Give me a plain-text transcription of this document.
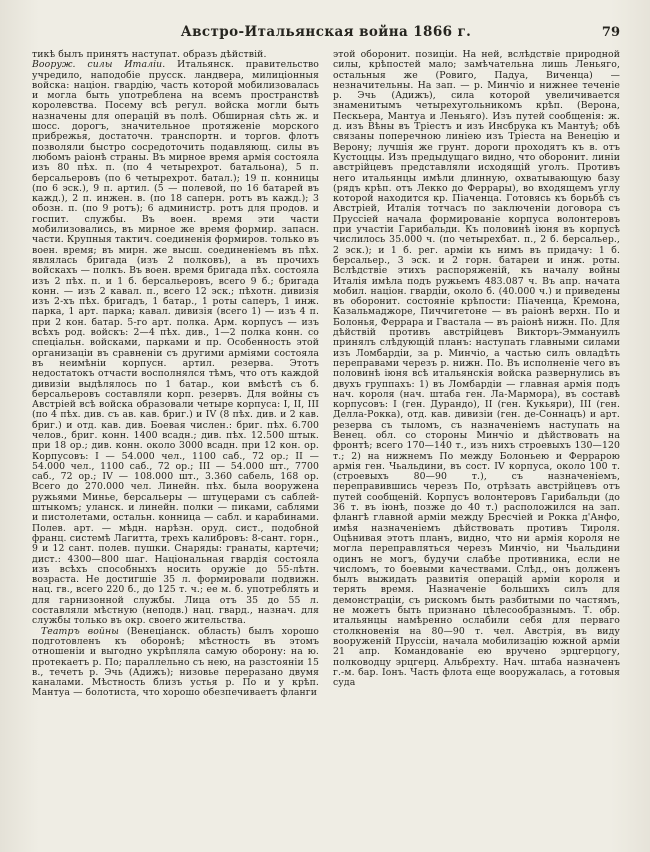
Австро-Итальянская война 1866 г.	79

тикѣ былъ принятъ наступат. образъ дѣйствій.

Вооруж. силы Италіи. Итальянск. правительство учредило, наподобіе прусск. ландвера, милиціонныя войска: націон. гвардію, часть которой мобилизовалась и могла быть употреблена на всемъ пространствѣ королевства. Посему всѣ регул. войска могли быть назначены для операцій въ полѣ. Обширная сѣть ж. и шосс. дорогъ, значительное протяженіе морского прибрежья, достаточн. транспортн. и торгов. флотъ позволяли быстро сосредоточить подавляющ. силы въ любомъ раіонѣ страны. Въ мирное время армія состояла изъ 80 пѣх. п. (по 4 четырехрот. батальона), 5 п. берсальеровъ (по 6 четырехрот. батал.); 19 п. конницы (по 6 эск.), 9 п. артил. (5 — полевой, по 16 батарей въ кажд.), 2 п. инжен. в. (по 18 саперн. ротъ въ кажд.); 3 обозн. п. (по 9 ротъ); 6 администр. ротъ для продов. и госпит. службы. Въ воен. время эти части мобилизовались, въ мирное же время формир. запасн. части. Крупныя тактич. соединенія формиров. только въ воен. время; въ мирн. же высш. соединеніемъ въ пѣх. являлась бригада (изъ 2 полковъ), а въ прочихъ войскахъ — полкъ. Въ воен. время бригада пѣх. состояла изъ 2 пѣх. п. и 1 б. берсальеровъ, всего 9 б.; бригада конн. — изъ 2 кавал. п., всего 12 эск.; пѣхотн. дивизія изъ 2-хъ пѣх. бригадъ, 1 батар., 1 роты саперъ, 1 инж. парка, 1 арт. парка; кавал. дивизія (всего 1) — изъ 4 п. при 2 кон. батар. 5-го арт. полка. Арм. корпусъ — изъ всѣхъ род. войскъ: 2—4 пѣх. див., 1—2 полка конн. со спеціальн. войсками, парками и пр. Особенность этой организаціи въ сравненіи съ другими арміями состояла въ неимѣніи корпусн. артил. резерва. Этотъ недостатокъ отчасти восполнялся тѣмъ, что отъ каждой дивизіи выдѣлялось по 1 батар., кои вмѣстѣ съ б. берсальеровъ составляли корп. резервъ. Для войны съ Австріей всѣ войска образовали четыре корпуса: I, II, III (по 4 пѣх. див. съ ав. кав. бриг.) и IV (8 пѣх. див. и 2 кав. бриг.) и отд. кав. див. Боевая числен.: бриг. пѣх. 6.700 челов., бриг. конн. 1400 всадн.; див. пѣх. 12.500 штык. при 18 ор.; див. конн. около 3000 всадн. при 12 кон. ор. Корпусовъ: I — 54.000 чел., 1100 саб., 72 ор.; II — 54.000 чел., 1100 саб., 72 ор.; III — 54.000 шт., 7700 саб., 72 ор.; IV — 108.000 шт., 3.360 сабель, 168 ор. Всего до 270.000 чел. Линейн. пѣх. была вооружена ружьями Минье, берсальеры — штуцерами съ саблей-штыкомъ; уланск. и линейн. полки — пиками, саблями и пистолетами, остальн. конница — сабл. и карабинами. Полев. арт. — мѣдн. нарѣзн. оруд. сист., подобной франц. системѣ Лагитта, трехъ калибровъ: 8-сант. горн., 9 и 12 сант. полев. пушки. Снаряды: гранаты, картечи; дист.: 4300—800 шаг. Національная гвардія состояла изъ всѣхъ способныхъ носить оружіе до 55-лѣтн. возраста. Не достигшіе 35 л. формировали подвижн. нац. гв., всего 220 б., до 125 т. ч.; ее м. б. употреблять и для гарнизонной службы. Лица отъ 35 до 55 л. составляли мѣстную (неподв.) нац. гвард., назнач. для службы только въ окр. своего жительства.

Театръ войны (Венеціанск. область) былъ хорошо подготовленъ къ оборонѣ; мѣстность въ этомъ отношеніи и выгодно укрѣпляла самую оборону: на ю. протекаетъ р. По; параллельно съ нею, на разстояніи 15 в., течетъ р. Эчь (Адижъ); низовье переразано двумя каналами. Мѣстность близъ устья р. По и у крѣп. Мантуа — болотиста, что хорошо обезпечиваетъ фланги

этой оборонит. позиціи. На ней, вслѣдствіе природной силы, крѣпостей мало; замѣчательна лишь Леньяго, остальныя же (Ровиго, Падуа, Виченца) — незначительны. На зап. — р. Минчіо и нижнее теченіе р. Эчь (Адижъ), сила которой увеличивается знаменитымъ четырехугольникомъ крѣп. (Верона, Пескьера, Мантуа и Леньяго). Изъ путей сообщенія: ж. д. изъ Вѣны въ Тріестъ и изъ Инсбрука къ Мантуѣ; обѣ связаны поперечною линіею изъ Тріеста на Венецію и Верону; лучшія же грунт. дороги проходятъ къ в. отъ Кустоццы. Изъ предыдущаго видно, что оборонит. линіи австрійцевъ представляли исходящій уголъ. Противъ него итальянцы имѣли длинную, охватывающую базу (рядъ крѣп. отъ Лекко до Феррары), во входящемъ углу которой находится кр. Піаченца. Готовясь къ борьбѣ съ Австріей, Италія тотчасъ по заключеніи договора съ Пруссіей начала формированіе корпуса волонтеровъ при участіи Гарибальди. Къ половинѣ іюня въ корпусѣ числилось 35.000 ч. (по четырехбат. п., 2 б. берсальер., 2 эск.); и 1 б. рег. арміи къ нимъ въ придачу: 1 б. берсальер., 3 эск. и 2 горн. батареи и инж. роты. Вслѣдствіе этихъ распоряженій, къ началу войны Италія имѣла подъ ружьемъ 483.087 ч. Въ апр. начата мобил. націон. гвардіи, около б. (40.000 ч.) и приведены въ оборонит. состояніе крѣпости: Піаченца, Кремона, Казальмаджоре, Пиччигетоне — въ раіонѣ верхн. По и Болонья, Феррара и Гвастала — въ раіонѣ нижн. По. Для дѣйствій противъ австрійцевъ Викторъ-Эммануилъ принялъ слѣдующій планъ: наступать главными силами изъ Ломбардіи, за р. Минчіо, а частью силъ овладѣть переправами черезъ р. нижн. По. Въ исполненіе чего въ половинѣ іюня всѣ итальянскія войска развернулись въ двухъ группахъ: 1) въ Ломбардіи — главная армія подъ нач. короля (нач. штаба ген. Ла-Мармора), въ составѣ корпусовъ: I (ген. Дурандо), II (ген. Кукьяри), III (ген. Делла-Рокка), отд. кав. дивизіи (ген. де-Соннацъ) и арт. резерва съ тыломъ, съ назначеніемъ наступать на Венец. обл. со стороны Минчіо и дѣйствовать на фронтѣ; всего 170—140 т., изъ нихъ строевыхъ 130—120 т.; 2) на нижнемъ По между Болоньею и Феррарою армія ген. Чьальдини, въ сост. IV корпуса, около 100 т. (строевыхъ 80—90 т.), съ назначеніемъ, переправившись черезъ По, отрѣзать австрійцевъ отъ путей сообщеній. Корпусъ волонтеровъ Гарибальди (до 36 т. въ іюнѣ, позже до 40 т.) расположился на зап. флангѣ главной арміи между Бресчіей и Рокка д'Анфо, имѣя назначеніемъ дѣйствовать противъ Тироля. Оцѣнивая этотъ планъ, видно, что ни армія короля не могла переправляться черезъ Минчіо, ни Чьальдини одинъ не могъ, будучи слабѣе противника, если не числомъ, то боевыми качествами. Слѣд., онъ долженъ былъ выжидать развитія операцій арміи короля и терять время. Назначеніе большихъ силъ для демонстраціи, съ рискомъ быть разбитыми по частямъ, не можетъ быть признано цѣлесообразнымъ. Т. обр. итальянцы намѣренно ослабили себя для перваго столкновенія на 80—90 т. чел. Австрія, въ виду вооруженій Пруссіи, начала мобилизацію южной арміи 21 апр. Командованіе ею вручено эрцгерцогу, полководцу эрцгерц. Альбрехту. Нач. штаба назначенъ г.-м. бар. Іонъ. Часть флота еще вооружалась, а готовыя суда
